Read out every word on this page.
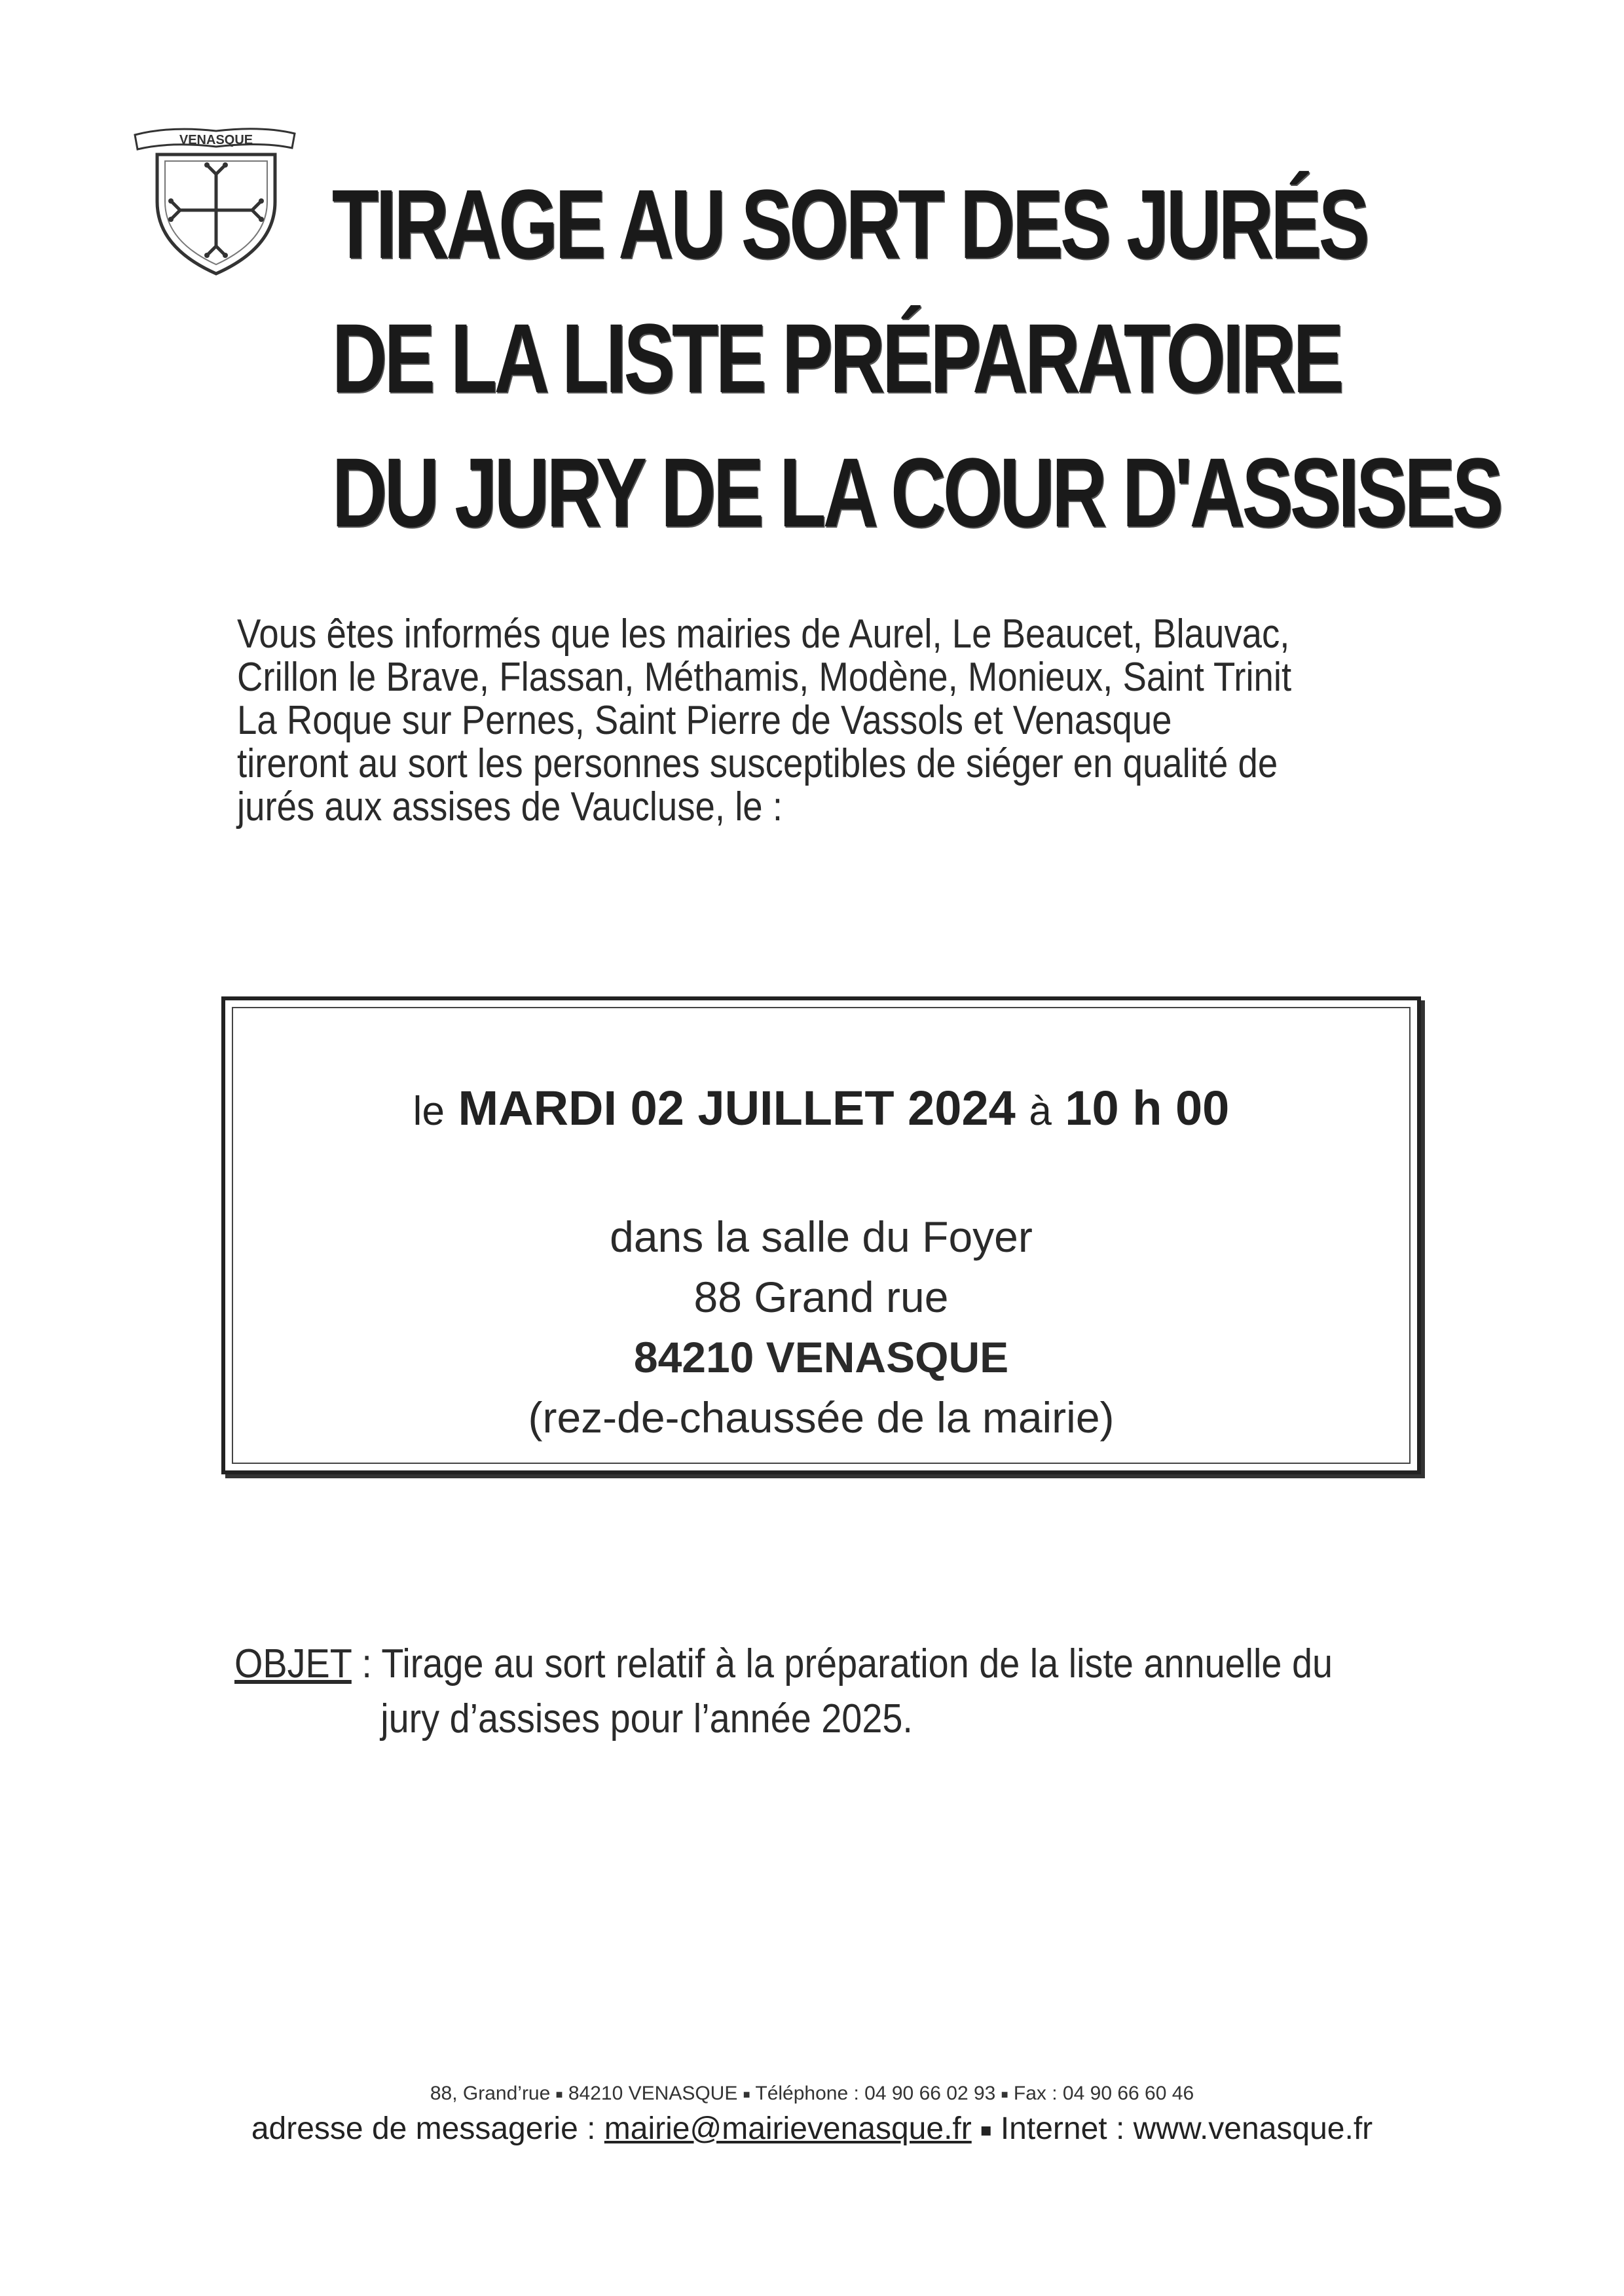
VENASQUE
TIRAGE AU SORT DES JURÉS
DE LA LISTE PRÉPARATOIRE
DU JURY DE LA COUR D'ASSISES
Vous êtes informés que les mairies de Aurel, Le Beaucet, Blauvac,
Crillon le Brave, Flassan, Méthamis, Modène, Monieux, Saint Trinit
La Roque sur Pernes, Saint Pierre de Vassols et Venasque
tireront au sort les personnes susceptibles de siéger en qualité de
jurés aux assises de Vaucluse, le :
le MARDI 02 JUILLET 2024 à 10 h 00
dans la salle du Foyer
88 Grand rue
84210 VENASQUE
(rez-de-chaussée de la mairie)
OBJET : Tirage au sort relatif à la préparation de la liste annuelle du
jury d’assises pour l’année 2025.
88, Grand’rue ■ 84210 VENASQUE ■ Téléphone : 04 90 66 02 93 ■ Fax : 04 90 66 60 46
adresse de messagerie : mairie@mairievenasque.fr ■ Internet : www.venasque.fr
